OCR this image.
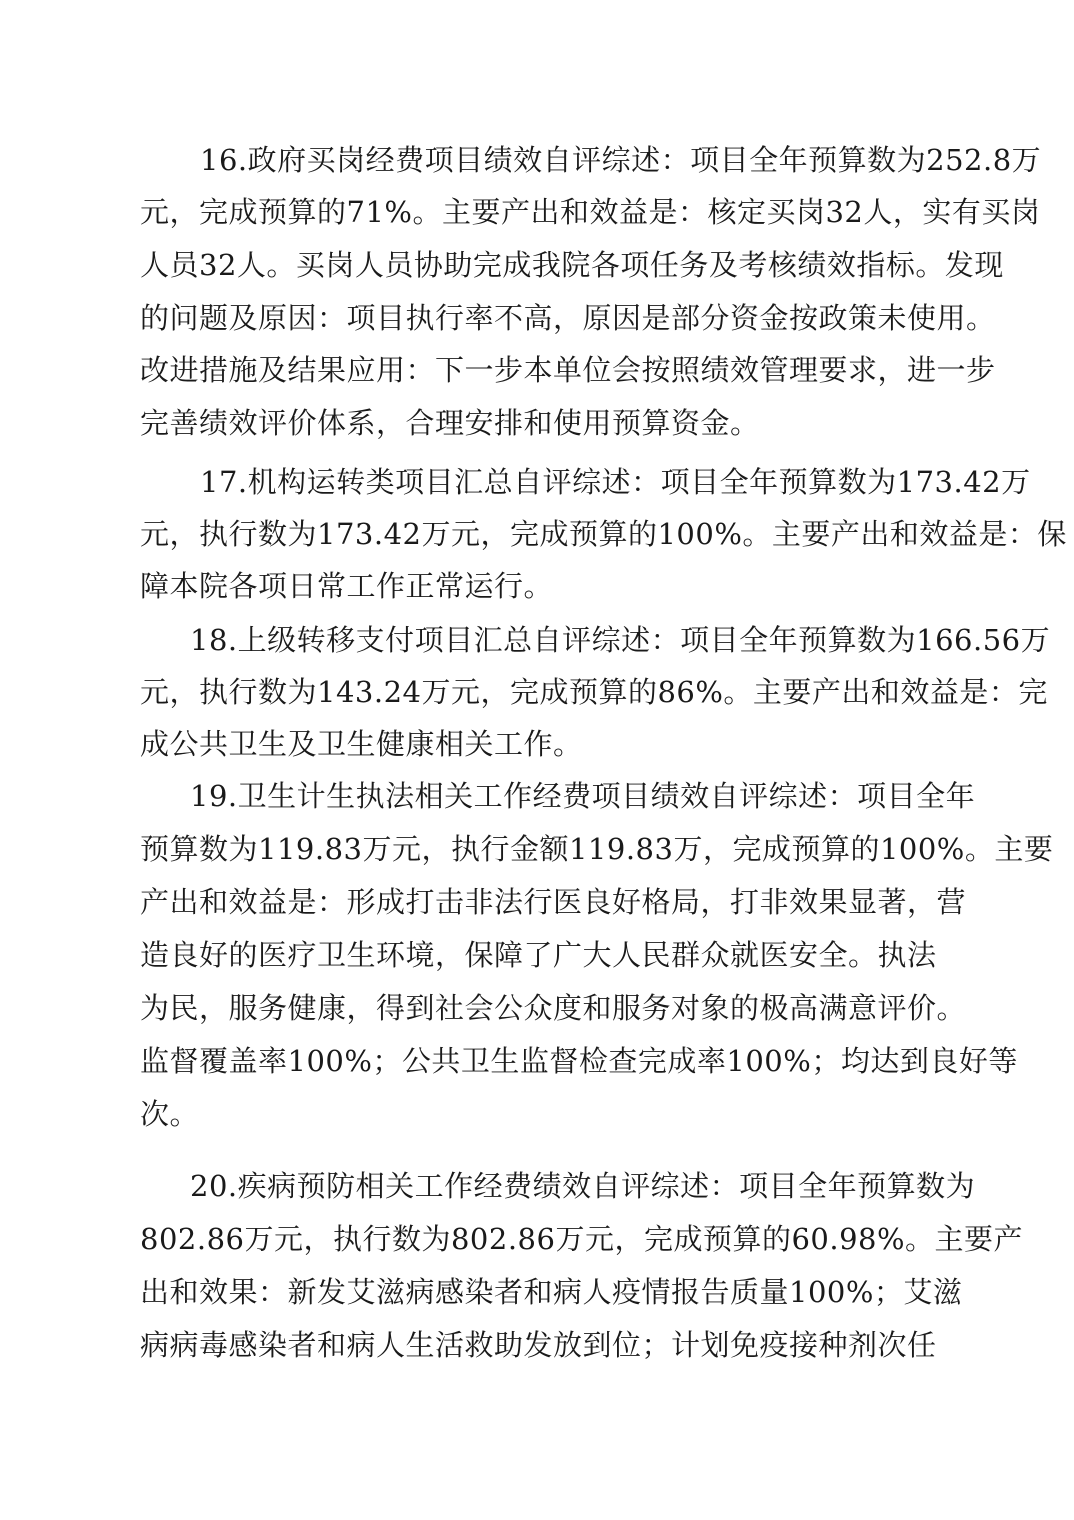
16.政府买岗经费项目绩效自评综述：项目全年预算数为252.8万
元，完成预算的71%。主要产出和效益是：核定买岗32人，实有买岗
人员32人。买岗人员协助完成我院各项任务及考核绩效指标。发现
的问题及原因：项目执行率不高，原因是部分资金按政策未使用。
改进措施及结果应用：下一步本单位会按照绩效管理要求，进一步
完善绩效评价体系，合理安排和使用预算资金。
17.机构运转类项目汇总自评综述：项目全年预算数为173.42万
元，执行数为173.42万元，完成预算的100%。主要产出和效益是：保
障本院各项日常工作正常运行。
18.上级转移支付项目汇总自评综述：项目全年预算数为166.56万
元，执行数为143.24万元，完成预算的86%。主要产出和效益是：完
成公共卫生及卫生健康相关工作。
19.卫生计生执法相关工作经费项目绩效自评综述：项目全年
预算数为119.83万元，执行金额119.83万，完成预算的100%。主要
产出和效益是：形成打击非法行医良好格局，打非效果显著，营
造良好的医疗卫生环境，保障了广大人民群众就医安全。执法
为民，服务健康，得到社会公众度和服务对象的极高满意评价。
监督覆盖率100%；公共卫生监督检查完成率100%；均达到良好等
次。
20.疾病预防相关工作经费绩效自评综述：项目全年预算数为
802.86万元，执行数为802.86万元，完成预算的60.98%。主要产
出和效果：新发艾滋病感染者和病人疫情报告质量100%；艾滋
病病毒感染者和病人生活救助发放到位；计划免疫接种剂次任
